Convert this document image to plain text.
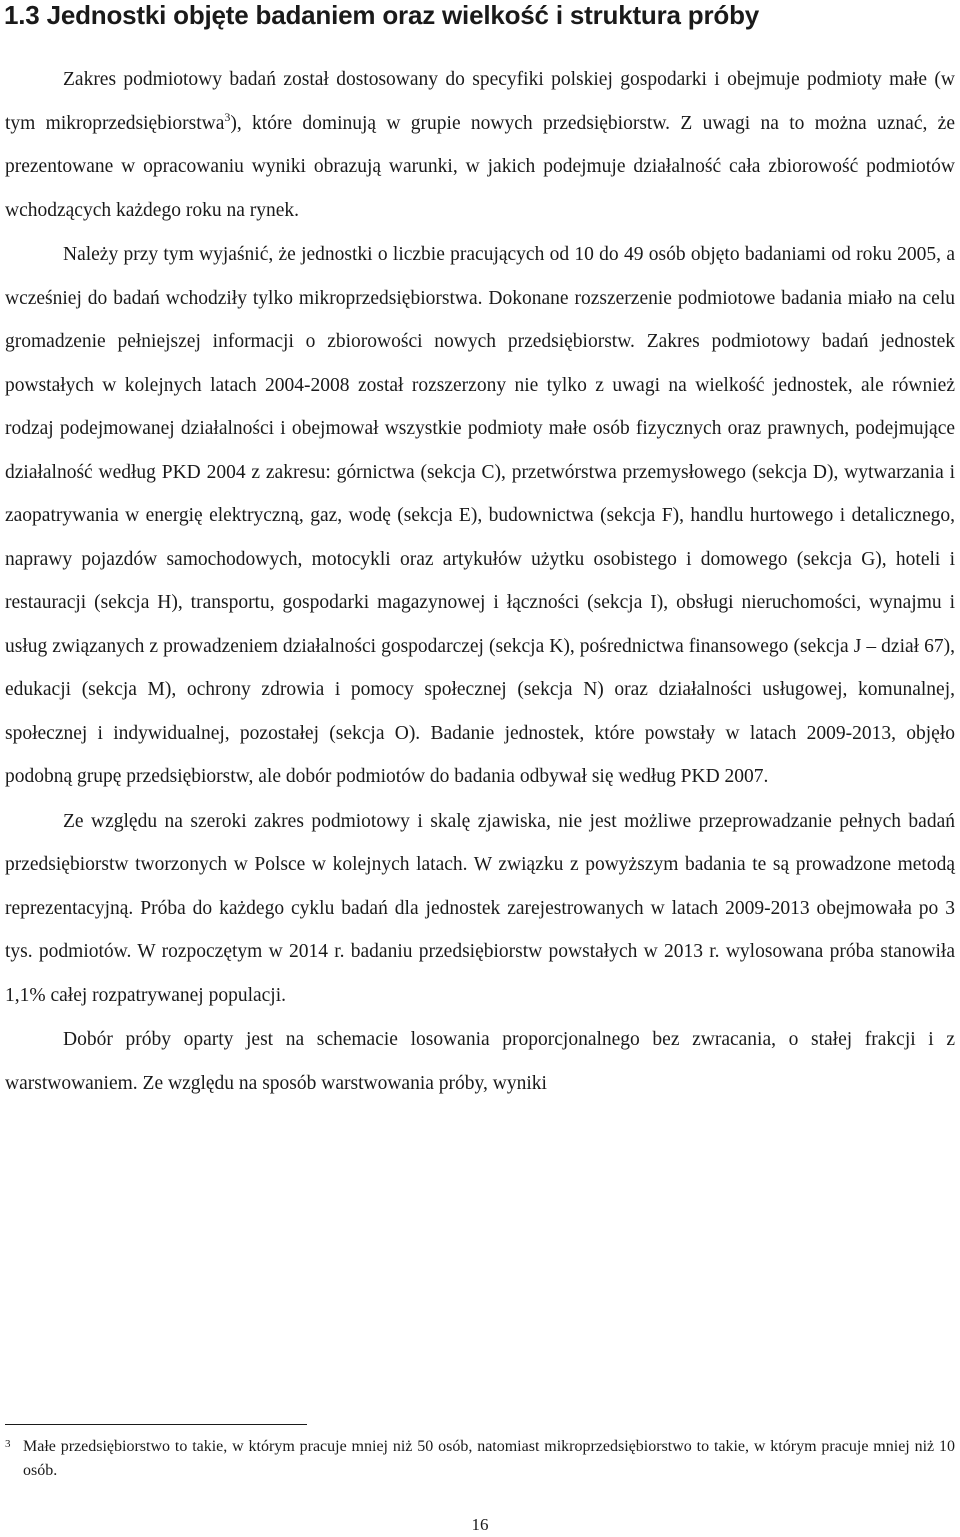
1.3 Jednostki objęte badaniem oraz wielkość i struktura próby

Zakres podmiotowy badań został dostosowany do specyfiki polskiej gospodarki i obejmuje podmioty małe (w tym mikroprzedsiębiorstwa$^3$), które dominują w grupie nowych przedsiębiorstw. Z uwagi na to można uznać, że prezentowane w opracowaniu wyniki obrazują warunki, w jakich podejmuje działalność cała zbiorowość podmiotów wchodzących każdego roku na rynek.

Należy przy tym wyjaśnić, że jednostki o liczbie pracujących od 10 do 49 osób objęto badaniami od roku 2005, a wcześniej do badań wchodziły tylko mikroprzedsiębiorstwa. Dokonane rozszerzenie podmiotowe badania miało na celu gromadzenie pełniejszej informacji o zbiorowości nowych przedsiębiorstw. Zakres podmiotowy badań jednostek powstałych w kolejnych latach 2004-2008 został rozszerzony nie tylko z uwagi na wielkość jednostek, ale również rodzaj podejmowanej działalności i obejmował wszystkie podmioty małe osób fizycznych oraz prawnych, podejmujące działalność według PKD 2004 z zakresu: górnictwa (sekcja C), przetwórstwa przemysłowego (sekcja D), wytwarzania i zaopatrywania w energię elektryczną, gaz, wodę (sekcja E), budownictwa (sekcja F), handlu hurtowego i detalicznego, naprawy pojazdów samochodowych, motocykli oraz artykułów użytku osobistego i domowego (sekcja G), hoteli i restauracji (sekcja H), transportu, gospodarki magazynowej i łączności (sekcja I), obsługi nieruchomości, wynajmu i usług związanych z prowadzeniem działalności gospodarczej (sekcja K), pośrednictwa finansowego (sekcja J – dział 67), edukacji (sekcja M), ochrony zdrowia i pomocy społecznej (sekcja N) oraz działalności usługowej, komunalnej, społecznej i indywidualnej, pozostałej (sekcja O). Badanie jednostek, które powstały w latach 2009-2013, objęło podobną grupę przedsiębiorstw, ale dobór podmiotów do badania odbywał się według PKD 2007.

Ze względu na szeroki zakres podmiotowy i skalę zjawiska, nie jest możliwe przeprowadzanie pełnych badań przedsiębiorstw tworzonych w Polsce w kolejnych latach. W związku z powyższym badania te są prowadzone metodą reprezentacyjną. Próba do każdego cyklu badań dla jednostek zarejestrowanych w latach 2009-2013 obejmowała po 3 tys. podmiotów. W rozpoczętym w 2014 r. badaniu przedsiębiorstw powstałych w 2013 r. wylosowana próba stanowiła 1,1% całej rozpatrywanej populacji.

Dobór próby oparty jest na schemacie losowania proporcjonalnego bez zwracania, o stałej frakcji i z warstwowaniem. Ze względu na sposób warstwowania próby, wyniki

3 Małe przedsiębiorstwo to takie, w którym pracuje mniej niż 50 osób, natomiast mikroprzedsiębiorstwo to takie, w którym pracuje mniej niż 10 osób.
16
